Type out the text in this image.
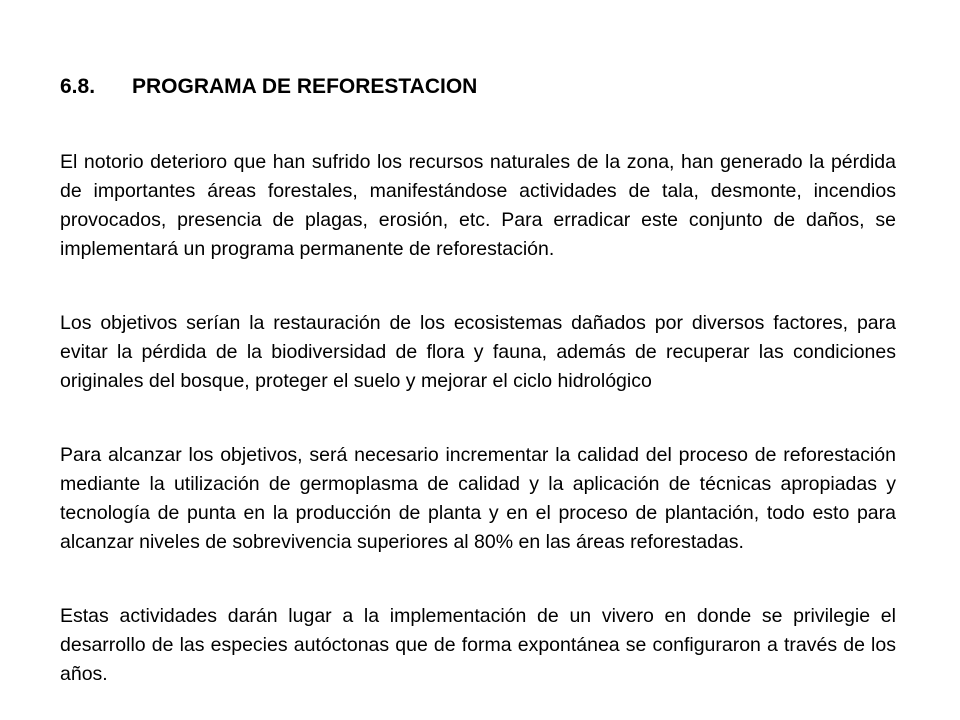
6.8. PROGRAMA DE REFORESTACION

El notorio deterioro que han sufrido los recursos naturales de la zona, han generado la pérdida de importantes áreas forestales, manifestándose actividades de tala, desmonte, incendios provocados, presencia de plagas, erosión, etc. Para erradicar este conjunto de daños, se implementará un programa permanente de reforestación.

Los objetivos serían la restauración de los ecosistemas dañados por diversos factores, para evitar la pérdida de la biodiversidad de flora y fauna, además de recuperar las condiciones originales del bosque, proteger el suelo y mejorar el ciclo hidrológico

Para alcanzar los objetivos, será necesario incrementar la calidad del proceso de reforestación mediante la utilización de germoplasma de calidad y la aplicación de técnicas apropiadas y tecnología de punta en la producción de planta y en el proceso de plantación, todo esto para alcanzar niveles de sobrevivencia superiores al 80% en las áreas reforestadas.

Estas actividades darán lugar a la implementación de un vivero en donde se privilegie el desarrollo de las especies autóctonas que de forma expontánea se configuraron a través de los años.
